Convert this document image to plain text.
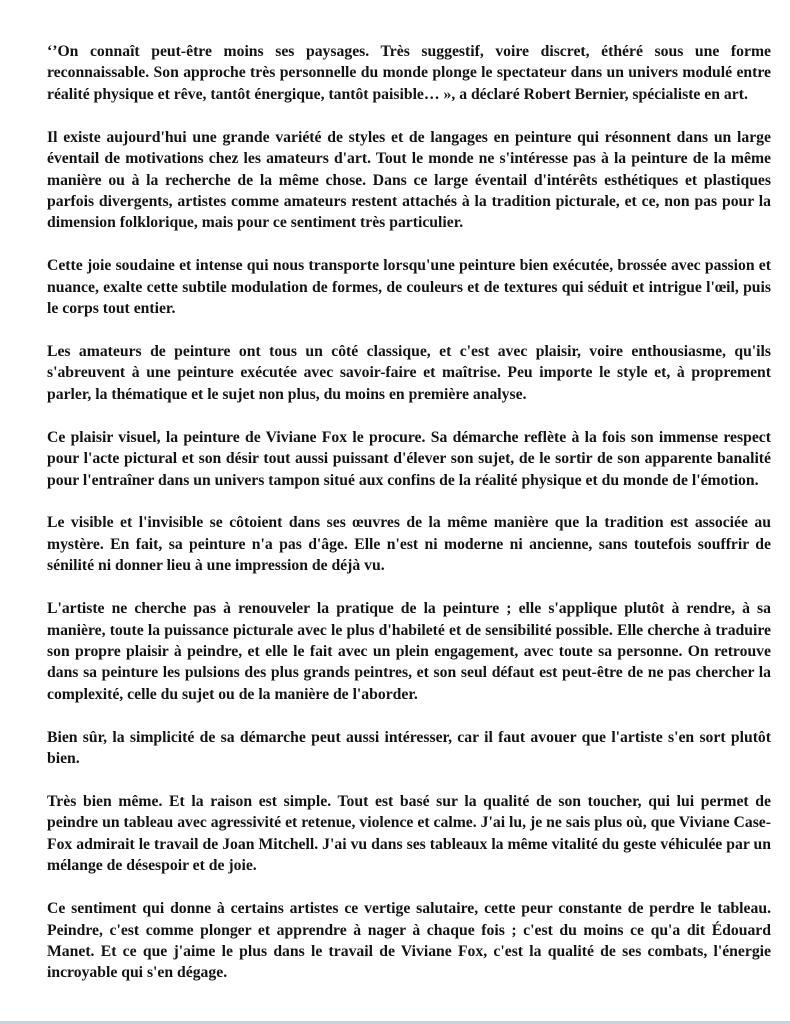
‘’On connaît peut-être moins ses paysages. Très suggestif, voire discret, éthéré sous une forme reconnaissable. Son approche très personnelle du monde plonge le spectateur dans un univers modulé entre réalité physique et rêve, tantôt énergique, tantôt paisible… », a déclaré Robert Bernier, spécialiste en art.

Il existe aujourd'hui une grande variété de styles et de langages en peinture qui résonnent dans un large éventail de motivations chez les amateurs d'art. Tout le monde ne s'intéresse pas à la peinture de la même manière ou à la recherche de la même chose. Dans ce large éventail d'intérêts esthétiques et plastiques parfois divergents, artistes comme amateurs restent attachés à la tradition picturale, et ce, non pas pour la dimension folklorique, mais pour ce sentiment très particulier.

Cette joie soudaine et intense qui nous transporte lorsqu'une peinture bien exécutée, brossée avec passion et nuance, exalte cette subtile modulation de formes, de couleurs et de textures qui séduit et intrigue l'œil, puis le corps tout entier.

Les amateurs de peinture ont tous un côté classique, et c'est avec plaisir, voire enthousiasme, qu'ils s'abreuvent à une peinture exécutée avec savoir-faire et maîtrise. Peu importe le style et, à proprement parler, la thématique et le sujet non plus, du moins en première analyse.

Ce plaisir visuel, la peinture de Viviane Fox le procure. Sa démarche reflète à la fois son immense respect pour l'acte pictural et son désir tout aussi puissant d'élever son sujet, de le sortir de son apparente banalité pour l'entraîner dans un univers tampon situé aux confins de la réalité physique et du monde de l'émotion.

Le visible et l'invisible se côtoient dans ses œuvres de la même manière que la tradition est associée au mystère. En fait, sa peinture n'a pas d'âge. Elle n'est ni moderne ni ancienne, sans toutefois souffrir de sénilité ni donner lieu à une impression de déjà vu.

L'artiste ne cherche pas à renouveler la pratique de la peinture ; elle s'applique plutôt à rendre, à sa manière, toute la puissance picturale avec le plus d'habileté et de sensibilité possible. Elle cherche à traduire son propre plaisir à peindre, et elle le fait avec un plein engagement, avec toute sa personne. On retrouve dans sa peinture les pulsions des plus grands peintres, et son seul défaut est peut-être de ne pas chercher la complexité, celle du sujet ou de la manière de l'aborder.

Bien sûr, la simplicité de sa démarche peut aussi intéresser, car il faut avouer que l'artiste s'en sort plutôt bien.

Très bien même. Et la raison est simple. Tout est basé sur la qualité de son toucher, qui lui permet de peindre un tableau avec agressivité et retenue, violence et calme. J'ai lu, je ne sais plus où, que Viviane Case-Fox admirait le travail de Joan Mitchell. J'ai vu dans ses tableaux la même vitalité du geste véhiculée par un mélange de désespoir et de joie.

Ce sentiment qui donne à certains artistes ce vertige salutaire, cette peur constante de perdre le tableau. Peindre, c'est comme plonger et apprendre à nager à chaque fois ; c'est du moins ce qu'a dit Édouard Manet. Et ce que j'aime le plus dans le travail de Viviane Fox, c'est la qualité de ses combats, l'énergie incroyable qui s'en dégage.
